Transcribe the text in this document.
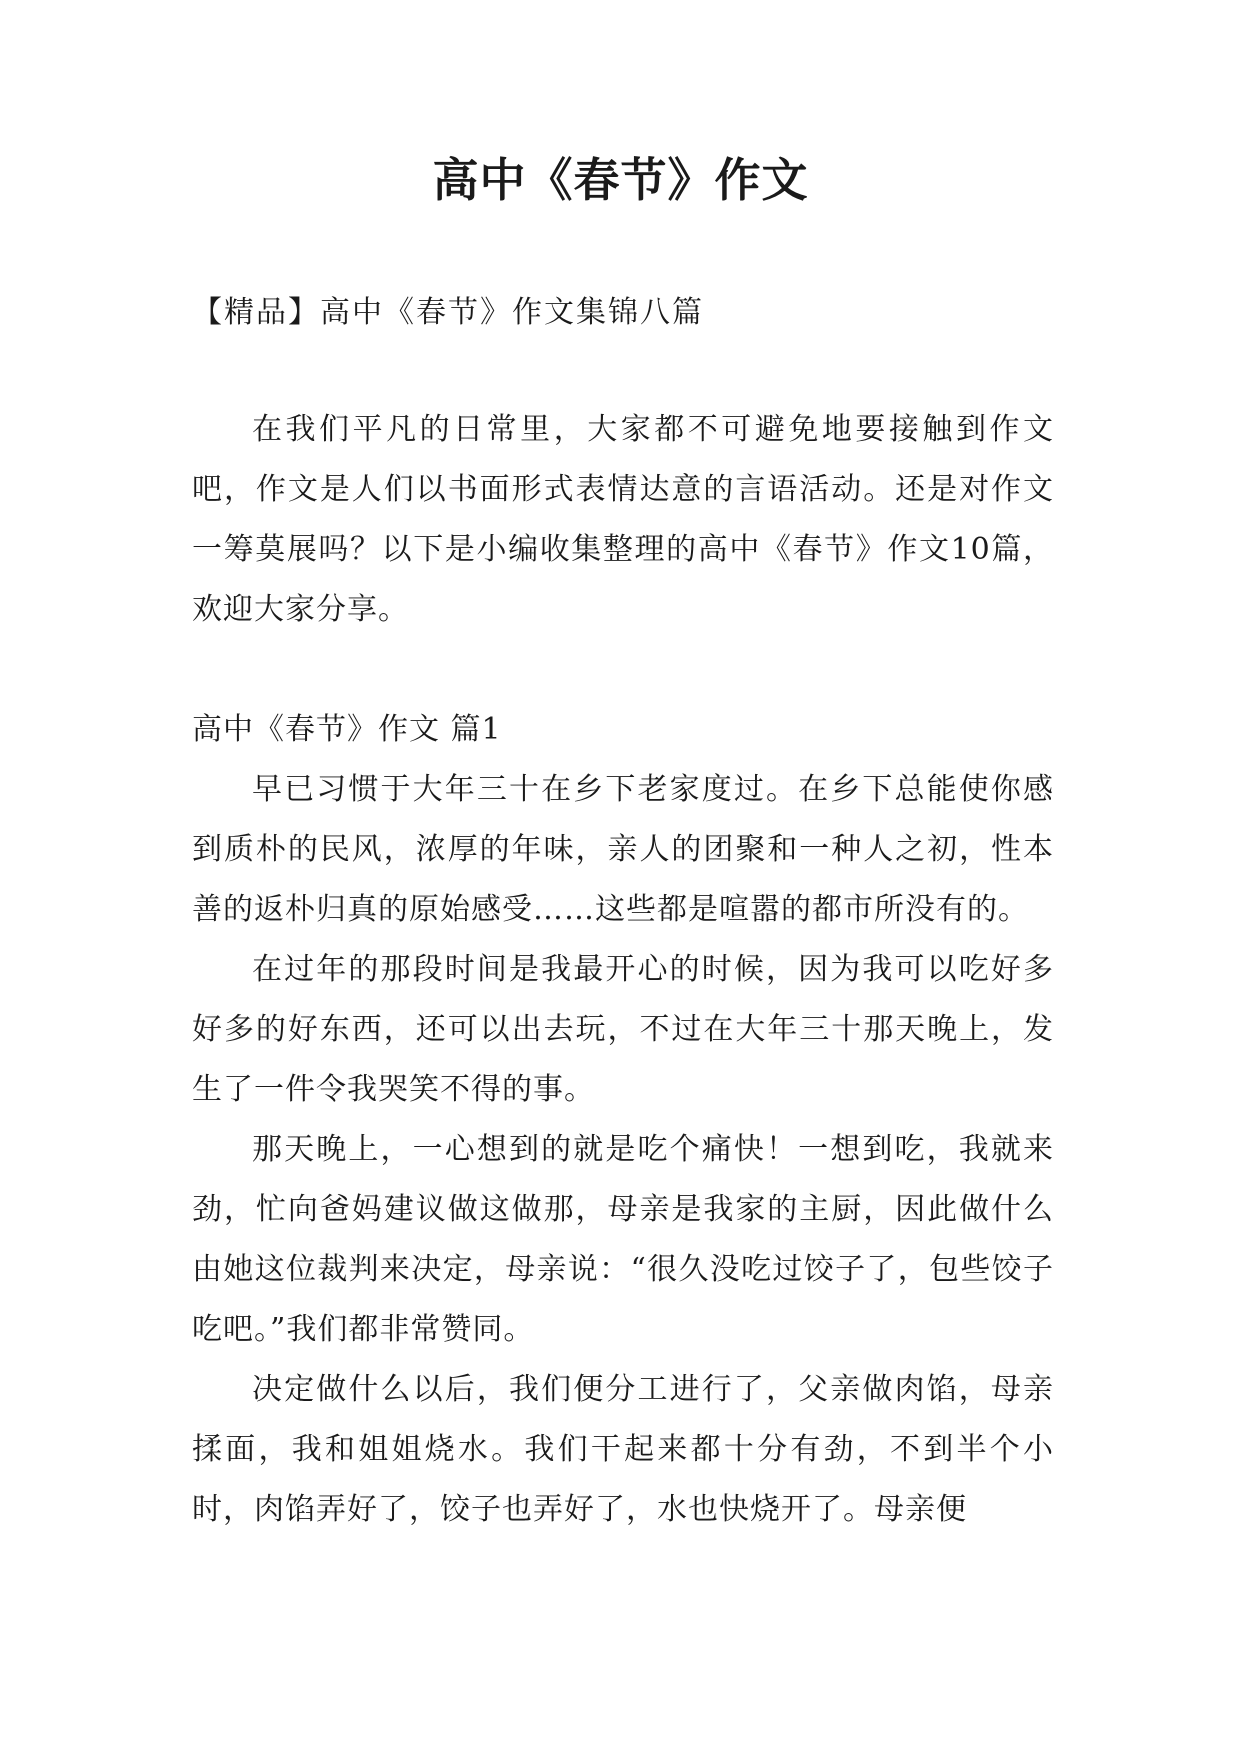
高中《春节》作文
【精品】高中《春节》作文集锦八篇

在我们平凡的日常里，大家都不可避免地要接触到作文吧，作文是人们以书面形式表情达意的言语活动。还是对作文一筹莫展吗？以下是小编收集整理的高中《春节》作文10篇，欢迎大家分享。

高中《春节》作文 篇1

早已习惯于大年三十在乡下老家度过。在乡下总能使你感到质朴的民风，浓厚的年味，亲人的团聚和一种人之初，性本善的返朴归真的原始感受……这些都是喧嚣的都市所没有的。

在过年的那段时间是我最开心的时候，因为我可以吃好多好多的好东西，还可以出去玩，不过在大年三十那天晚上，发生了一件令我哭笑不得的事。

那天晚上，一心想到的就是吃个痛快！一想到吃，我就来劲，忙向爸妈建议做这做那，母亲是我家的主厨，因此做什么由她这位裁判来决定，母亲说：“很久没吃过饺子了，包些饺子吃吧。”我们都非常赞同。

决定做什么以后，我们便分工进行了，父亲做肉馅，母亲揉面，我和姐姐烧水。我们干起来都十分有劲，不到半个小时，肉馅弄好了，饺子也弄好了，水也快烧开了。母亲便
